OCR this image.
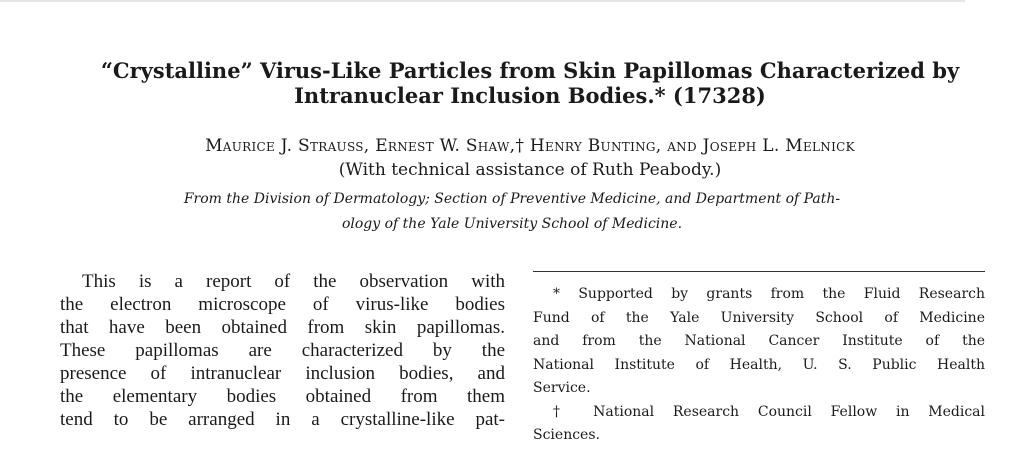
“Crystalline” Virus-Like Particles from Skin Papillomas Characterized by
Intranuclear Inclusion Bodies.* (17328)
Maurice J. Strauss, Ernest W. Shaw,† Henry Bunting, and Joseph L. Melnick
(With technical assistance of Ruth Peabody.)
From the Division of Dermatology; Section of Preventive Medicine, and Department of Path-
ology of the Yale University School of Medicine.
This is a report of the observation with
the electron microscope of virus-like bodies
that have been obtained from skin papillomas.
These papillomas are characterized by the
presence of intranuclear inclusion bodies, and
the elementary bodies obtained from them
tend to be arranged in a crystalline-like pat-
* Supported by grants from the Fluid Research
Fund of the Yale University School of Medicine
and from the National Cancer Institute of the
National Institute of Health, U. S. Public Health
Service.
† National Research Council Fellow in Medical
Sciences.
